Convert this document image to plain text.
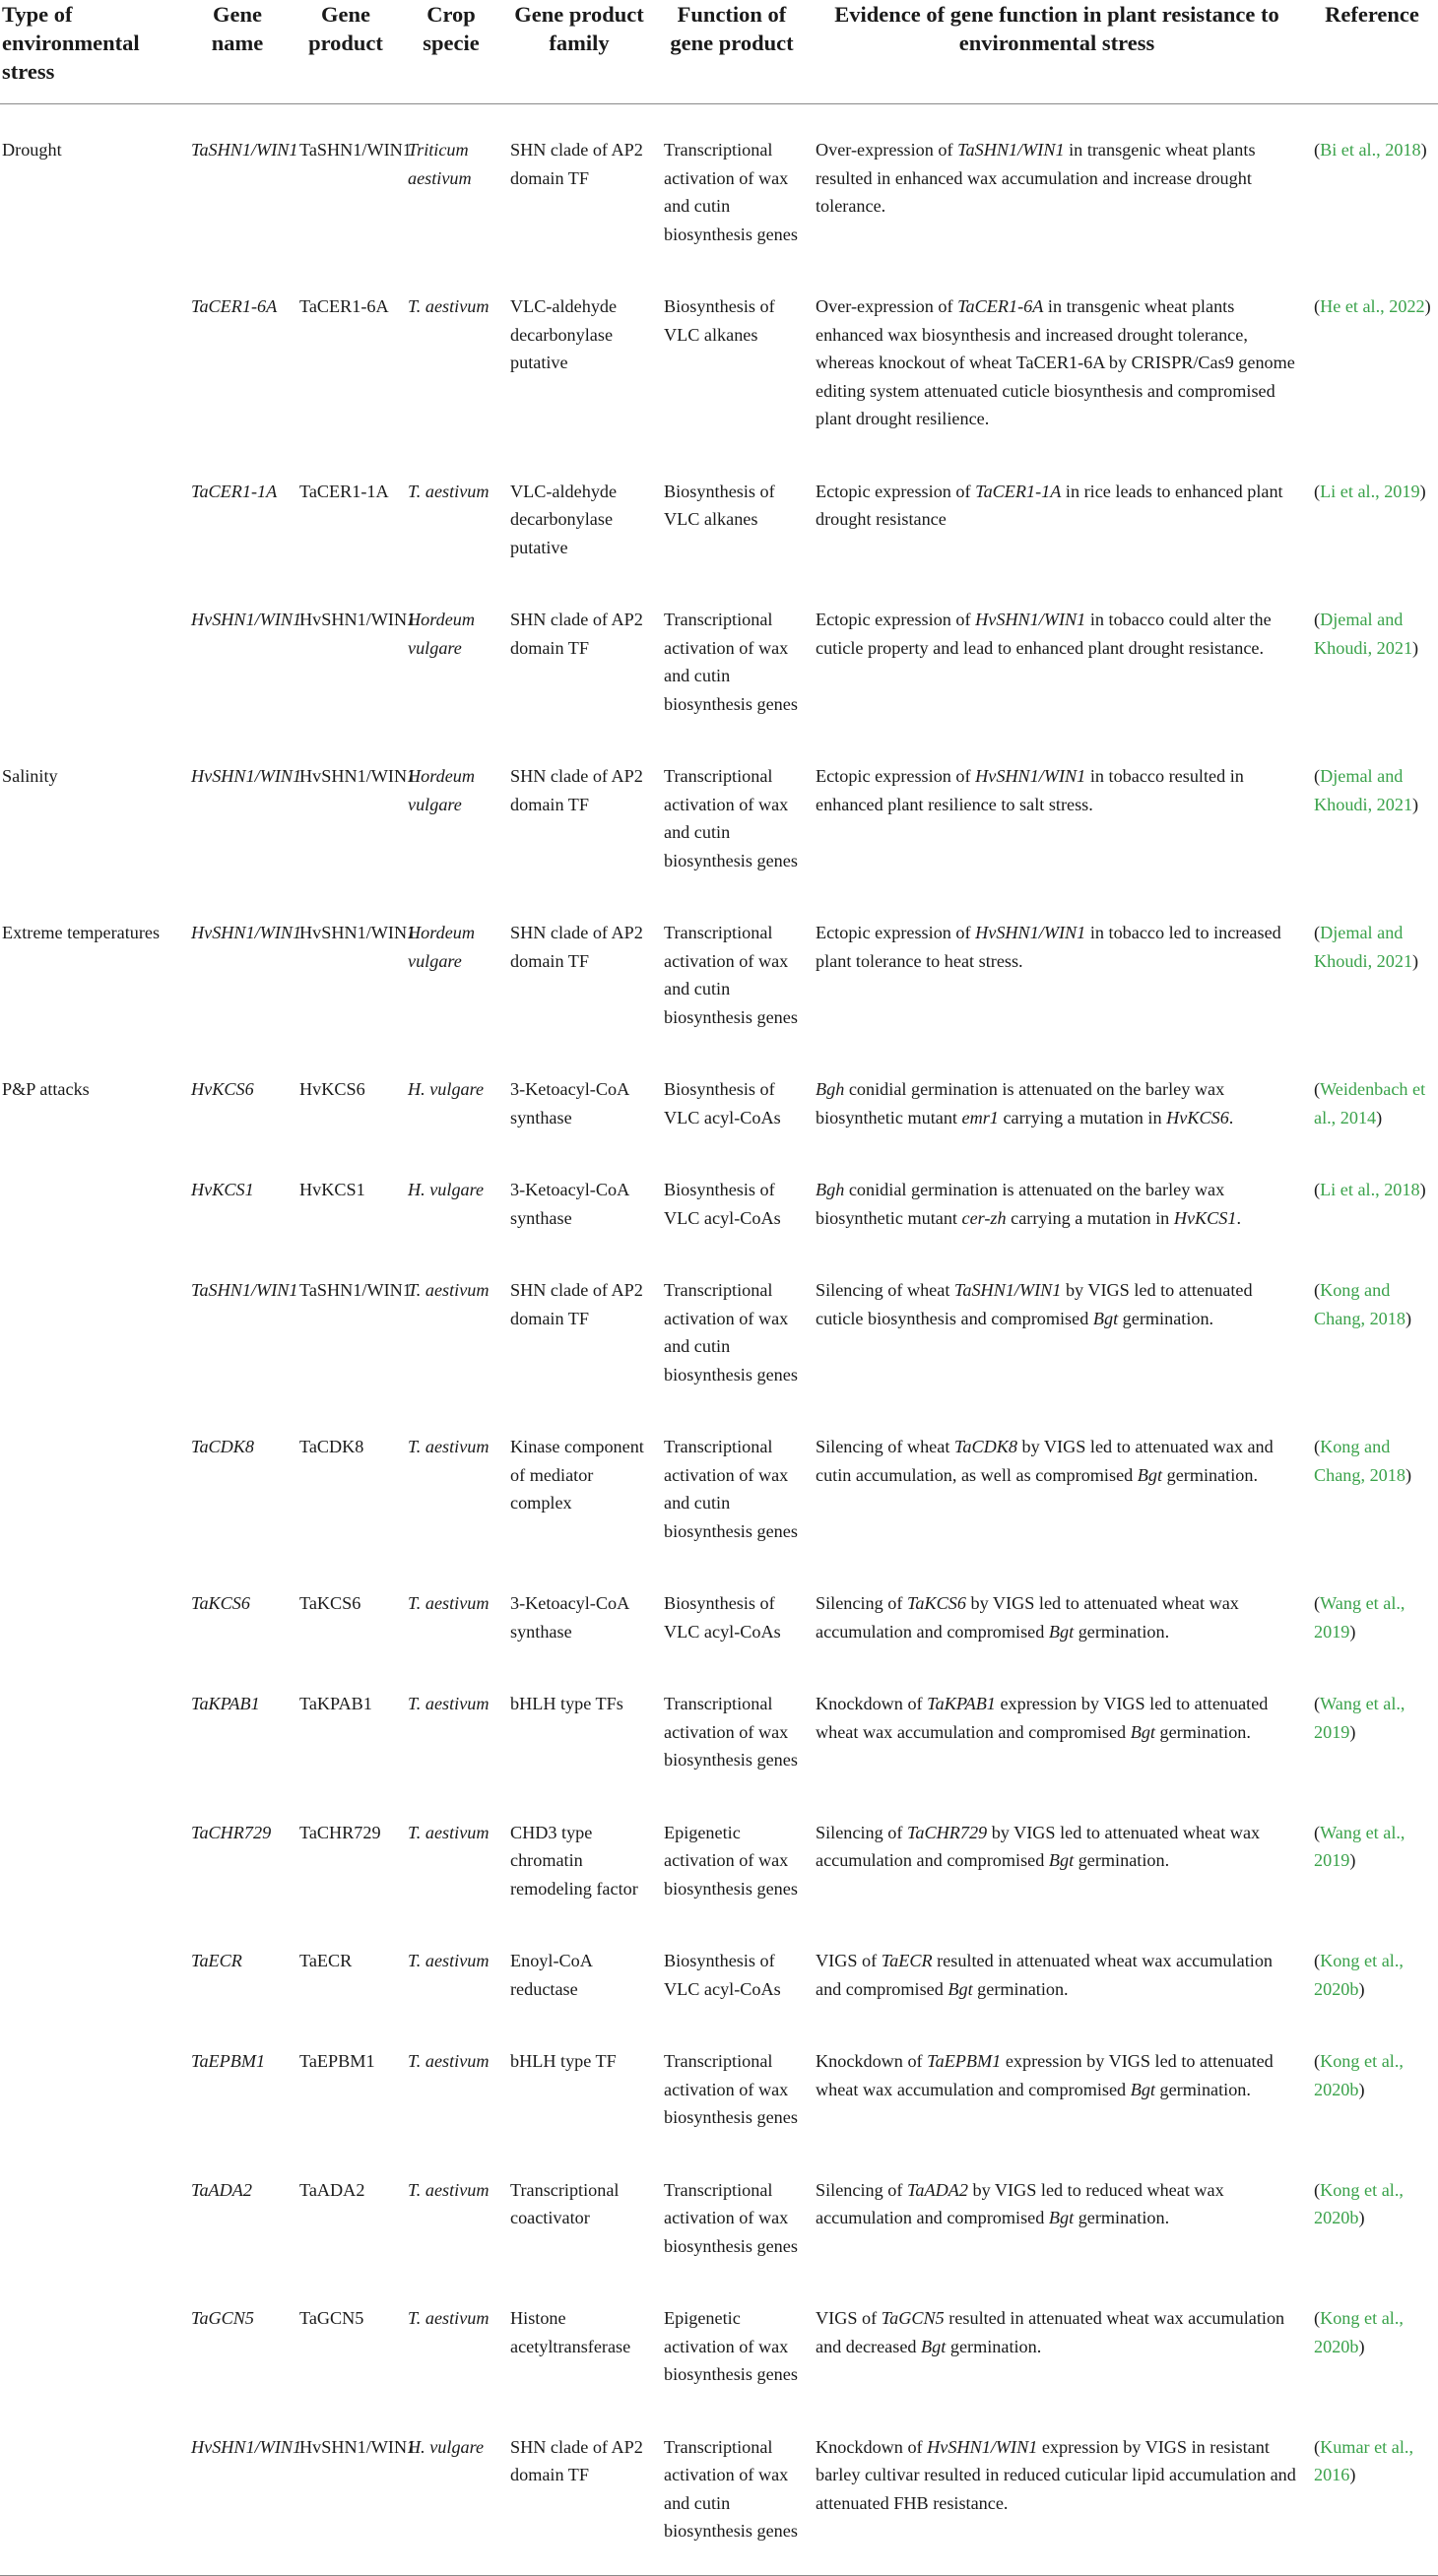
Type of environmental stress	Gene name	Gene product	Crop specie	Gene product family	Function of gene product	Evidence of gene function in plant resistance to environmental stress	Reference
Drought	TaSHN1/WIN1	TaSHN1/WIN1	Triticum aestivum	SHN clade of AP2 domain TF	Transcriptional activation of wax and cutin biosynthesis genes	Over-expression of TaSHN1/WIN1 in transgenic wheat plants resulted in enhanced wax accumulation and increase drought tolerance.	(Bi et al., 2018)
	TaCER1-6A	TaCER1-6A	T. aestivum	VLC-aldehyde decarbonylase putative	Biosynthesis of VLC alkanes	Over-expression of TaCER1-6A in transgenic wheat plants enhanced wax biosynthesis and increased drought tolerance, whereas knockout of wheat TaCER1-6A by CRISPR/Cas9 genome editing system attenuated cuticle biosynthesis and compromised plant drought resilience.	(He et al., 2022)
	TaCER1-1A	TaCER1-1A	T. aestivum	VLC-aldehyde decarbonylase putative	Biosynthesis of VLC alkanes	Ectopic expression of TaCER1-1A in rice leads to enhanced plant drought resistance	(Li et al., 2019)
	HvSHN1/WIN1	HvSHN1/WIN1	Hordeum vulgare	SHN clade of AP2 domain TF	Transcriptional activation of wax and cutin biosynthesis genes	Ectopic expression of HvSHN1/WIN1 in tobacco could alter the cuticle property and lead to enhanced plant drought resistance.	(Djemal and Khoudi, 2021)
Salinity	HvSHN1/WIN1	HvSHN1/WIN1	Hordeum vulgare	SHN clade of AP2 domain TF	Transcriptional activation of wax and cutin biosynthesis genes	Ectopic expression of HvSHN1/WIN1 in tobacco resulted in enhanced plant resilience to salt stress.	(Djemal and Khoudi, 2021)
Extreme temperatures	HvSHN1/WIN1	HvSHN1/WIN1	Hordeum vulgare	SHN clade of AP2 domain TF	Transcriptional activation of wax and cutin biosynthesis genes	Ectopic expression of HvSHN1/WIN1 in tobacco led to increased plant tolerance to heat stress.	(Djemal and Khoudi, 2021)
P&P attacks	HvKCS6	HvKCS6	H. vulgare	3-Ketoacyl-CoA synthase	Biosynthesis of VLC acyl-CoAs	Bgh conidial germination is attenuated on the barley wax biosynthetic mutant emr1 carrying a mutation in HvKCS6.	(Weidenbach et al., 2014)
	HvKCS1	HvKCS1	H. vulgare	3-Ketoacyl-CoA synthase	Biosynthesis of VLC acyl-CoAs	Bgh conidial germination is attenuated on the barley wax biosynthetic mutant cer-zh carrying a mutation in HvKCS1.	(Li et al., 2018)
	TaSHN1/WIN1	TaSHN1/WIN1	T. aestivum	SHN clade of AP2 domain TF	Transcriptional activation of wax and cutin biosynthesis genes	Silencing of wheat TaSHN1/WIN1 by VIGS led to attenuated cuticle biosynthesis and compromised Bgt germination.	(Kong and Chang, 2018)
	TaCDK8	TaCDK8	T. aestivum	Kinase component of mediator complex	Transcriptional activation of wax and cutin biosynthesis genes	Silencing of wheat TaCDK8 by VIGS led to attenuated wax and cutin accumulation, as well as compromised Bgt germination.	(Kong and Chang, 2018)
	TaKCS6	TaKCS6	T. aestivum	3-Ketoacyl-CoA synthase	Biosynthesis of VLC acyl-CoAs	Silencing of TaKCS6 by VIGS led to attenuated wheat wax accumulation and compromised Bgt germination.	(Wang et al., 2019)
	TaKPAB1	TaKPAB1	T. aestivum	bHLH type TFs	Transcriptional activation of wax biosynthesis genes	Knockdown of TaKPAB1 expression by VIGS led to attenuated wheat wax accumulation and compromised Bgt germination.	(Wang et al., 2019)
	TaCHR729	TaCHR729	T. aestivum	CHD3 type chromatin remodeling factor	Epigenetic activation of wax biosynthesis genes	Silencing of TaCHR729 by VIGS led to attenuated wheat wax accumulation and compromised Bgt germination.	(Wang et al., 2019)
	TaECR	TaECR	T. aestivum	Enoyl-CoA reductase	Biosynthesis of VLC acyl-CoAs	VIGS of TaECR resulted in attenuated wheat wax accumulation and compromised Bgt germination.	(Kong et al., 2020b)
	TaEPBM1	TaEPBM1	T. aestivum	bHLH type TF	Transcriptional activation of wax biosynthesis genes	Knockdown of TaEPBM1 expression by VIGS led to attenuated wheat wax accumulation and compromised Bgt germination.	(Kong et al., 2020b)
	TaADA2	TaADA2	T. aestivum	Transcriptional coactivator	Transcriptional activation of wax biosynthesis genes	Silencing of TaADA2 by VIGS led to reduced wheat wax accumulation and compromised Bgt germination.	(Kong et al., 2020b)
	TaGCN5	TaGCN5	T. aestivum	Histone acetyltransferase	Epigenetic activation of wax biosynthesis genes	VIGS of TaGCN5 resulted in attenuated wheat wax accumulation and decreased Bgt germination.	(Kong et al., 2020b)
	HvSHN1/WIN1	HvSHN1/WIN1	H. vulgare	SHN clade of AP2 domain TF	Transcriptional activation of wax and cutin biosynthesis genes	Knockdown of HvSHN1/WIN1 expression by VIGS in resistant barley cultivar resulted in reduced cuticular lipid accumulation and attenuated FHB resistance.	(Kumar et al., 2016)
